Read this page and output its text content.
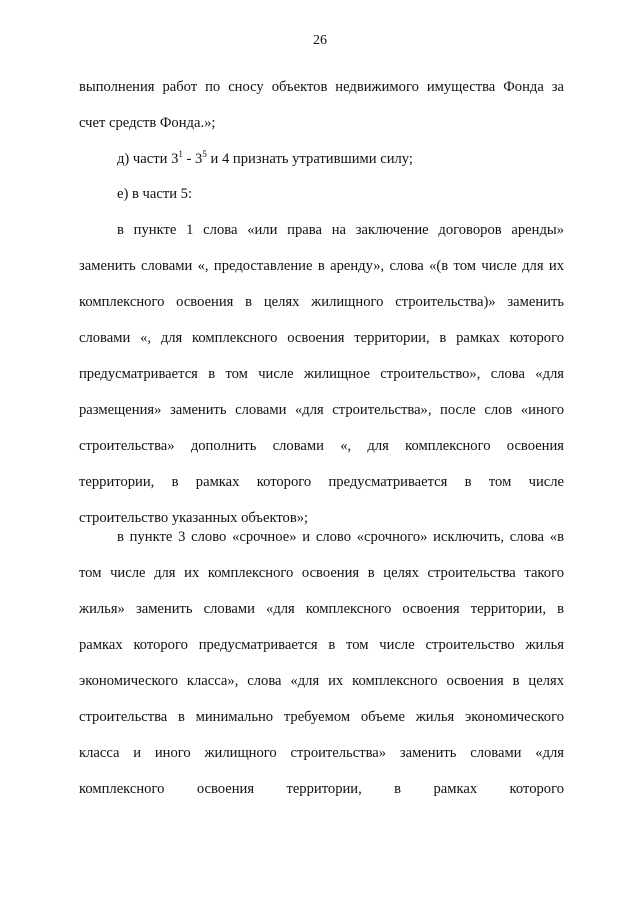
26
выполнения работ по сносу объектов недвижимого имущества Фонда за
счет средств Фонда.»;
д) части $3^1 - 3^5$ и 4 признать утратившими силу;
е) в части 5:
в пункте 1 слова «или права на заключение договоров аренды»
заменить словами «, предоставление в аренду», слова «(в том числе для их
комплексного освоения в целях жилищного строительства)» заменить
словами «, для комплексного освоения территории, в рамках которого
предусматривается в том числе жилищное строительство», слова «для
размещения» заменить словами «для строительства», после слов «иного
строительства» дополнить словами «, для комплексного освоения
территории, в рамках которого предусматривается в том числе
строительство указанных объектов»;
в пункте 3 слово «срочное» и слово «срочного» исключить, слова «в
том числе для их комплексного освоения в целях строительства такого
жилья» заменить словами «для комплексного освоения территории, в
рамках которого предусматривается в том числе строительство жилья
экономического класса», слова «для их комплексного освоения в целях
строительства в минимально требуемом объеме жилья экономического
класса и иного жилищного строительства» заменить словами «для
комплексного освоения территории, в рамках которого
